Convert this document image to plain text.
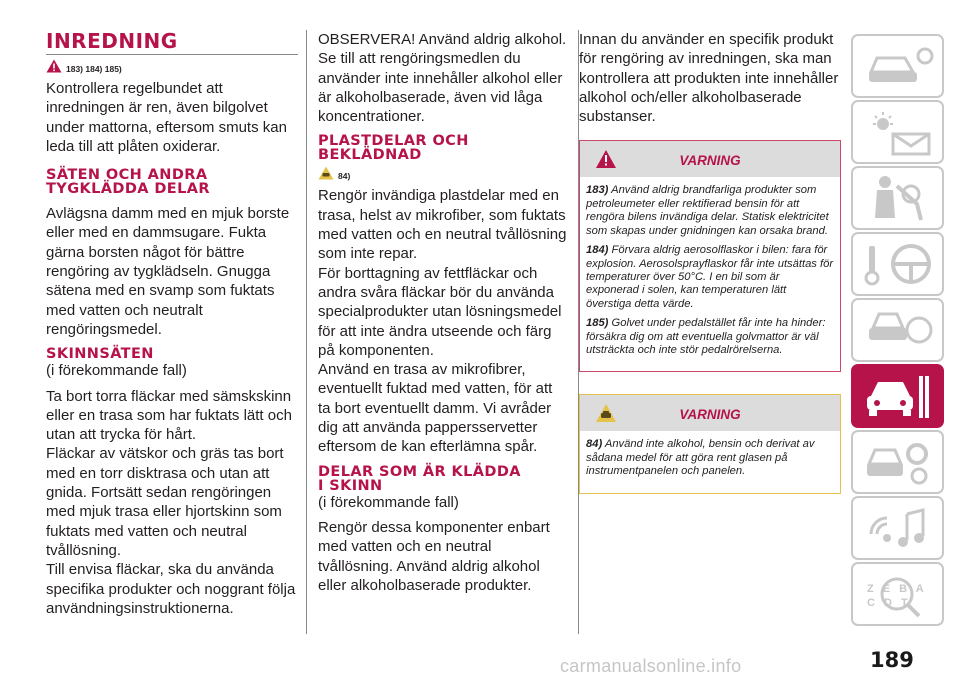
INREDNING
183) 184) 185)

Kontrollera regelbundet att inredningen är ren, även bilgolvet under mattorna, eftersom smuts kan leda till att plåten oxiderar.

SÄTEN OCH ANDRA
TYGKLÄDDA DELAR

Avlägsna damm med en mjuk borste eller med en dammsugare. Fukta gärna borsten något för bättre rengöring av tygklädseln. Gnugga sätena med en svamp som fuktats med vatten och neutralt rengöringsmedel.

SKINNSÄTEN

(i förekommande fall)

Ta bort torra fläckar med sämskskinn eller en trasa som har fuktats lätt och utan att trycka för hårt.

Fläckar av vätskor och gräs tas bort med en torr disktrasa och utan att gnida. Fortsätt sedan rengöringen med mjuk trasa eller hjortskinn som fuktats med vatten och neutral tvållösning.

Till envisa fläckar, ska du använda specifika produkter och noggrant följa användningsinstruktionerna.

OBSERVERA! Använd aldrig alkohol. Se till att rengöringsmedlen du använder inte innehåller alkohol eller är alkoholbaserade, även vid låga koncentrationer.

PLASTDELAR OCH
BEKLÄDNAD
84)

Rengör invändiga plastdelar med en trasa, helst av mikrofiber, som fuktats med vatten och en neutral tvållösning som inte repar.

För borttagning av fettfläckar och andra svåra fläckar bör du använda specialprodukter utan lösningsmedel för att inte ändra utseende och färg på komponenten.

Använd en trasa av mikrofibrer, eventuellt fuktad med vatten, för att ta bort eventuellt damm. Vi avråder dig att använda pappersservetter eftersom de kan efterlämna spår.

DELAR SOM ÄR KLÄDDA
I SKINN

(i förekommande fall)

Rengör dessa komponenter enbart med vatten och en neutral tvållösning. Använd aldrig alkohol eller alkoholbaserade produkter.

Innan du använder en specifik produkt för rengöring av inredningen, ska man kontrollera att produkten inte innehåller alkohol och/eller alkoholbaserade substanser.

VARNING
183) Använd aldrig brandfarliga produkter som petroleumeter eller rektifierad bensin för att rengöra bilens invändiga delar. Statisk elektricitet som skapas under gnidningen kan orsaka brand.
184) Förvara aldrig aerosolflaskor i bilen: fara för explosion. Aerosolsprayflaskor får inte utsättas för temperaturer över 50°C. I en bil som är exponerad i solen, kan temperaturen lätt överstiga detta värde.
185) Golvet under pedalstället får inte ha hinder: försäkra dig om att eventuella golvmattor är väl utsträckta och inte stör pedalrörelserna.
VARNING
84) Använd inte alkohol, bensin och derivat av sådana medel för att göra rent glasen på instrumentpanelen och panelen.
Z E B A C D T
189
carmanualsonline.info
